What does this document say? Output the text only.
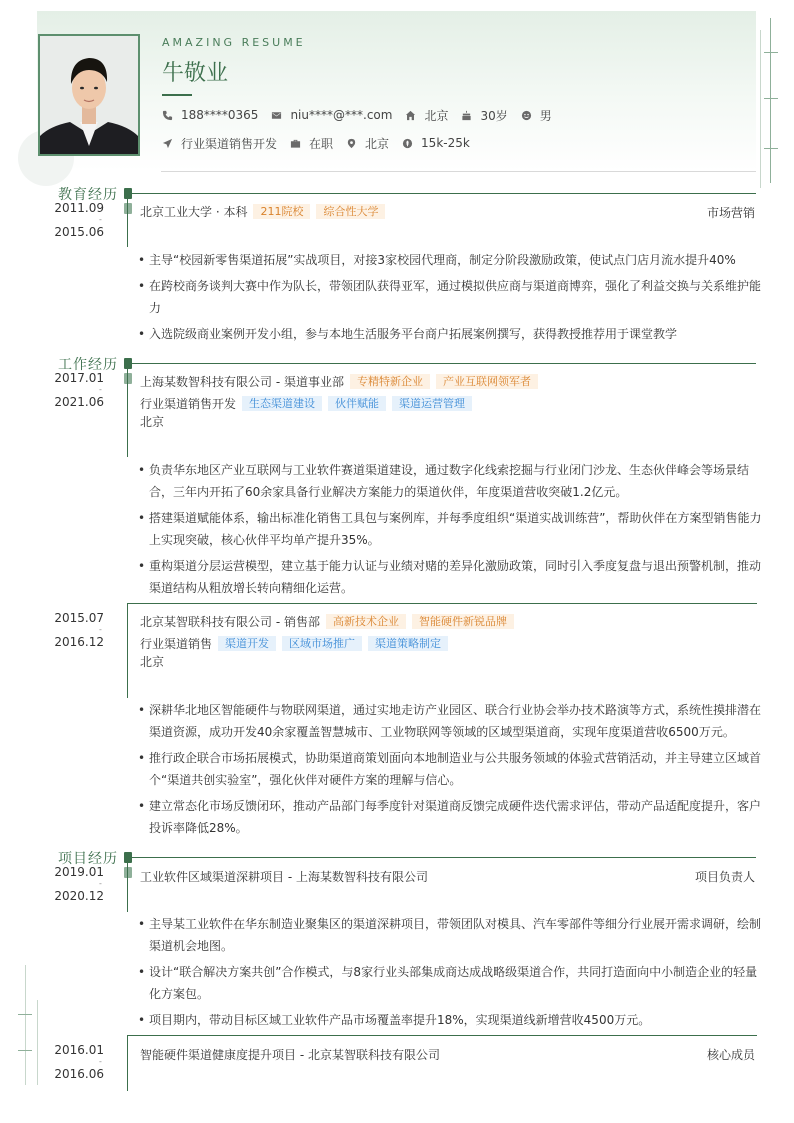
AMAZING RESUME
牛敬业
188****0365	niu****@***.com	北京	30岁	男
行业渠道销售开发	在职	北京	15k-25k
教育经历
2011.09
-
2015.06
北京工业大学 · 本科	211院校	综合性大学	市场营销
• 主导“校园新零售渠道拓展”实战项目，对接3家校园代理商，制定分阶段激励政策，使试点门店月流水提升40%
• 在跨校商务谈判大赛中作为队长，带领团队获得亚军，通过模拟供应商与渠道商博弈，强化了利益交换与关系维护能力
• 入选院级商业案例开发小组，参与本地生活服务平台商户拓展案例撰写，获得教授推荐用于课堂教学
工作经历
2017.01
-
2021.06
上海某数智科技有限公司 - 渠道事业部	专精特新企业	产业互联网领军者
行业渠道销售开发	生态渠道建设	伙伴赋能	渠道运营管理
北京
• 负责华东地区产业互联网与工业软件赛道渠道建设，通过数字化线索挖掘与行业闭门沙龙、生态伙伴峰会等场景结合，三年内开拓了60余家具备行业解决方案能力的渠道伙伴，年度渠道营收突破1.2亿元。
• 搭建渠道赋能体系，输出标准化销售工具包与案例库，并每季度组织“渠道实战训练营”，帮助伙伴在方案型销售能力上实现突破，核心伙伴平均单产提升35%。
• 重构渠道分层运营模型，建立基于能力认证与业绩对赌的差异化激励政策，同时引入季度复盘与退出预警机制，推动渠道结构从粗放增长转向精细化运营。
2015.07
-
2016.12
北京某智联科技有限公司 - 销售部	高新技术企业	智能硬件新锐品牌
行业渠道销售	渠道开发	区域市场推广	渠道策略制定
北京
• 深耕华北地区智能硬件与物联网渠道，通过实地走访产业园区、联合行业协会举办技术路演等方式，系统性摸排潜在渠道资源，成功开发40余家覆盖智慧城市、工业物联网等领域的区域型渠道商，实现年度渠道营收6500万元。
• 推行政企联合市场拓展模式，协助渠道商策划面向本地制造业与公共服务领域的体验式营销活动，并主导建立区域首个“渠道共创实验室”，强化伙伴对硬件方案的理解与信心。
• 建立常态化市场反馈闭环，推动产品部门每季度针对渠道商反馈完成硬件迭代需求评估，带动产品适配度提升，客户投诉率降低28%。
项目经历
2019.01
-
2020.12
工业软件区域渠道深耕项目 - 上海某数智科技有限公司	项目负责人
• 主导某工业软件在华东制造业聚集区的渠道深耕项目，带领团队对模具、汽车零部件等细分行业展开需求调研，绘制渠道机会地图。
• 设计“联合解决方案共创”合作模式，与8家行业头部集成商达成战略级渠道合作，共同打造面向中小制造企业的轻量化方案包。
• 项目期内，带动目标区域工业软件产品市场覆盖率提升18%，实现渠道线新增营收4500万元。
2016.01
-
2016.06
智能硬件渠道健康度提升项目 - 北京某智联科技有限公司	核心成员
